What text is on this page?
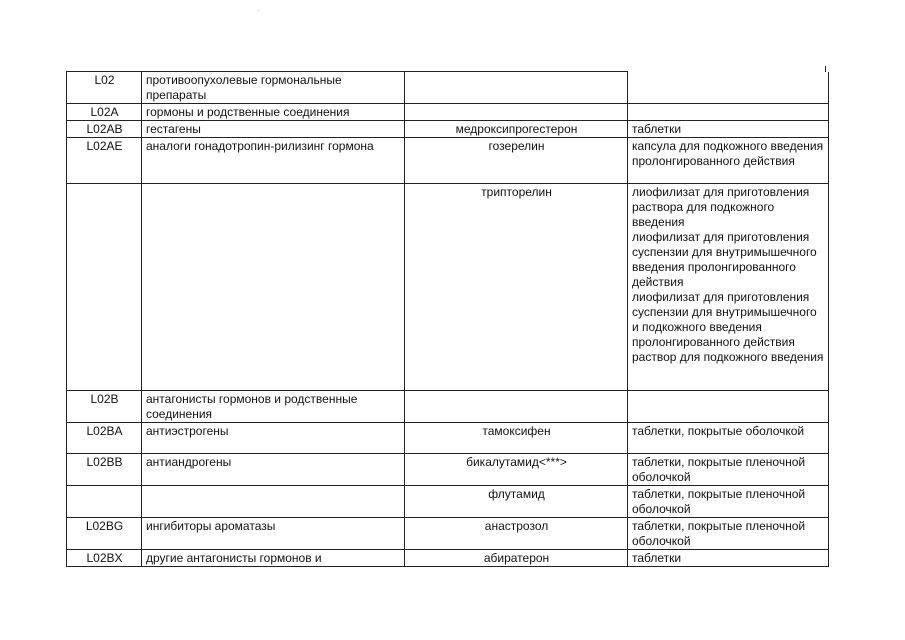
L02	противоопухолевые гормональные препараты		
L02A	гормоны и родственные соединения		
L02AB	гестагены	медроксипрогестерон	таблетки

L02AE	аналоги гонадотропин-рилизинг гормона	гозерелин	капсула для подкожного введения пролонгированного действия

		трипторелин	лиофилизат для приготовления раствора для подкожного введения
лиофилизат для приготовления суспензии для внутримышечного введения пролонгированного действия
лиофилизат для приготовления суспензии для внутримышечного и подкожного введения пролонгированного действия
раствор для подкожного введения

L02B	антагонисты гормонов и родственные соединения		
L02BA	антиэстрогены	тамоксифен	таблетки, покрытые оболочкой

L02BB	антиандрогены	бикалутамид<***>	таблетки, покрытые пленочной оболочкой

		флутамид	таблетки, покрытые пленочной оболочкой

L02BG	ингибиторы ароматазы	анастрозол	таблетки, покрытые пленочной оболочкой

L02BX	другие антагонисты гормонов и	абиратерон	таблетки
